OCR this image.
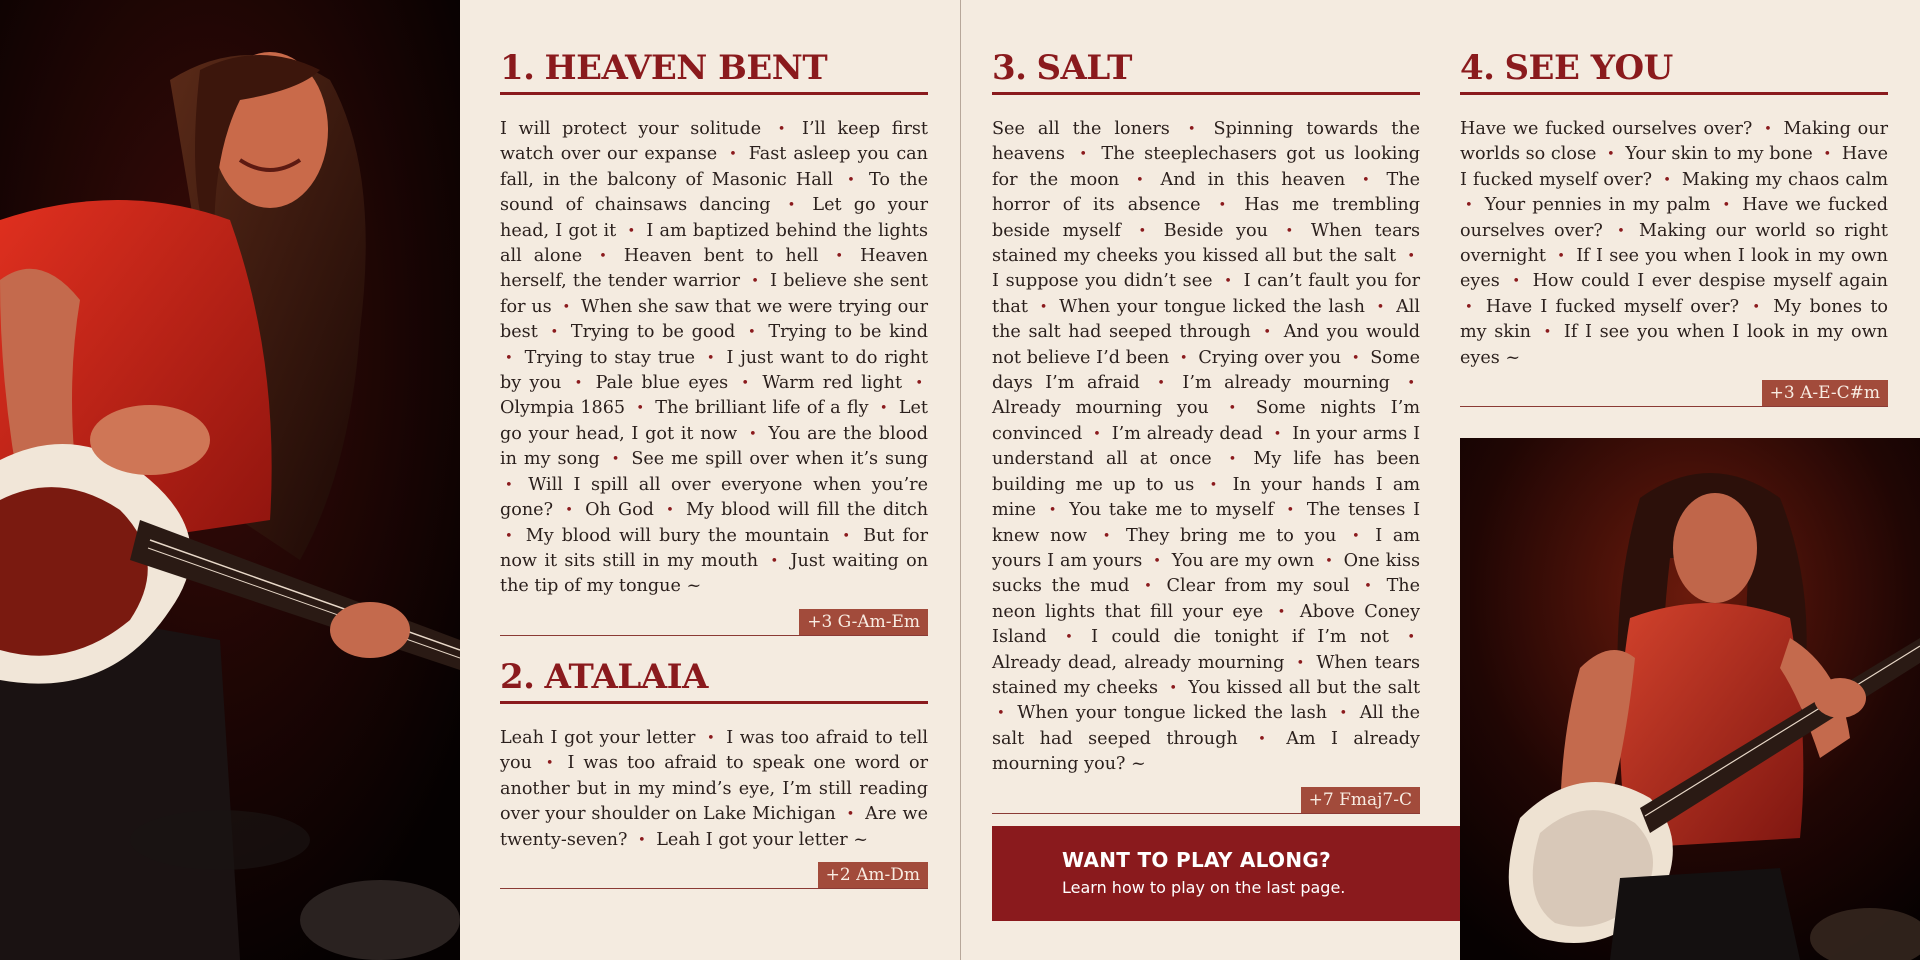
1. HEAVEN BENT
I will protect your solitude • I’ll keep first watch over our expanse • Fast asleep you can fall, in the balcony of Masonic Hall • To the sound of chainsaws dancing • Let go your head, I got it • I am baptized behind the lights all alone • Heaven bent to hell • Heaven herself, the tender warrior • I believe she sent for us • When she saw that we were trying our best • Trying to be good • Trying to be kind • Trying to stay true • I just want to do right by you • Pale blue eyes • Warm red light • Olympia 1865 • The brilliant life of a fly • Let go your head, I got it now • You are the blood in my song • See me spill over when it’s sung • Will I spill all over everyone when you’re gone? • Oh God • My blood will fill the ditch • My blood will bury the mountain • But for now it sits still in my mouth • Just waiting on the tip of my tongue ~
+3 G-Am-Em
2. ATALAIA
Leah I got your letter • I was too afraid to tell you • I was too afraid to speak one word or another but in my mind’s eye, I’m still reading over your shoulder on Lake Michigan • Are we twenty-seven? • Leah I got your letter ~
+2 Am-Dm
3. SALT
See all the loners • Spinning towards the heavens • The steeplechasers got us looking for the moon • And in this heaven • The horror of its absence • Has me trembling beside myself • Beside you • When tears stained my cheeks you kissed all but the salt • I suppose you didn’t see • I can’t fault you for that • When your tongue licked the lash • All the salt had seeped through • And you would not believe I’d been • Crying over you • Some days I’m afraid • I’m already mourning • Already mourning you • Some nights I’m convinced • I’m already dead • In your arms I understand all at once • My life has been building me up to us • In your hands I am mine • You take me to myself • The tenses I knew now • They bring me to you • I am yours I am yours • You are my own • One kiss sucks the mud • Clear from my soul • The neon lights that fill your eye • Above Coney Island • I could die tonight if I’m not • Already dead, already mourning • When tears stained my cheeks • You kissed all but the salt • When your tongue licked the lash • All the salt had seeped through • Am I already mourning you? ~
+7 Fmaj7-C
4. SEE YOU
Have we fucked ourselves over? • Making our worlds so close • Your skin to my bone • Have I fucked myself over? • Making my chaos calm • Your pennies in my palm • Have we fucked ourselves over? • Making our world so right overnight • If I see you when I look in my own eyes • How could I ever despise myself again • Have I fucked myself over? • My bones to my skin • If I see you when I look in my own eyes ~
+3 A-E-C#m
WANT TO PLAY ALONG?
Learn how to play on the last page.
